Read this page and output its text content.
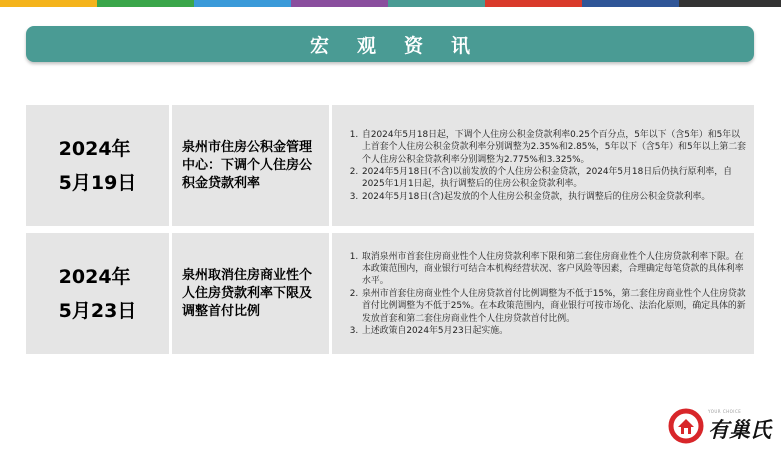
宏观资讯
2024年
5月19日
泉州市住房公积金管理中心：下调个人住房公积金贷款利率
1. 自2024年5月18日起，下调个人住房公积金贷款利率0.25个百分点，5年以下（含5年）和5年以上首套个人住房公积金贷款利率分别调整为2.35%和2.85%，5年以下（含5年）和5年以上第二套个人住房公积金贷款利率分别调整为2.775%和3.325%。
2. 2024年5月18日(不含)以前发放的个人住房公积金贷款，2024年5月18日后仍执行原利率，自2025年1月1日起，执行调整后的住房公积金贷款利率。
3. 2024年5月18日(含)起发放的个人住房公积金贷款，执行调整后的住房公积金贷款利率。
2024年
5月23日
泉州取消住房商业性个人住房贷款利率下限及调整首付比例
1. 取消泉州市首套住房商业性个人住房贷款利率下限和第二套住房商业性个人住房贷款利率下限。在本政策范围内，商业银行可结合本机构经营状况、客户风险等因素，合理确定每笔贷款的具体利率水平。
2. 泉州市首套住房商业性个人住房贷款首付比例调整为不低于15%，第二套住房商业性个人住房贷款首付比例调整为不低于25%。在本政策范围内，商业银行可按市场化、法治化原则，确定具体的新发放首套和第二套住房商业性个人住房贷款首付比例。
3. 上述政策自2024年5月23日起实施。
YOUR CHOICE
有巢氏
